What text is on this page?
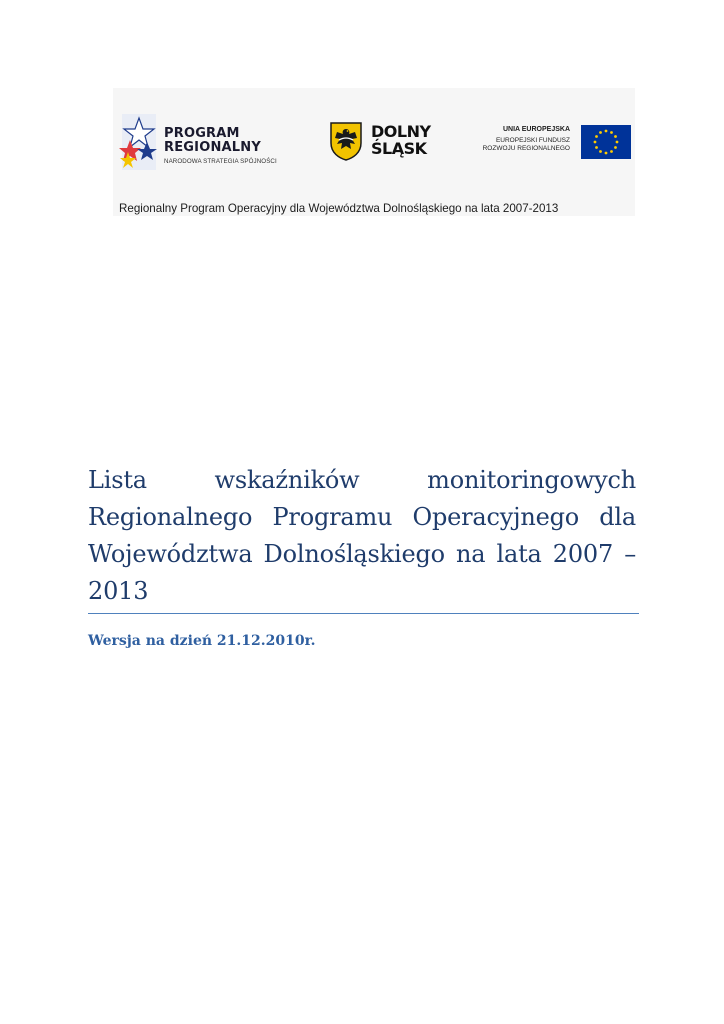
PROGRAM
REGIONALNY
NARODOWA STRATEGIA SPÓJNOŚCI
DOLNY
ŚLĄSK
UNIA EUROPEJSKA
EUROPEJSKI FUNDUSZ
ROZWOJU REGIONALNEGO
Regionalny Program Operacyjny dla Województwa Dolnośląskiego na lata 2007-2013
Lista wskaźników monitoringowych Regionalnego Programu Operacyjnego dla Województwa Dolnośląskiego na lata 2007 – 2013
Wersja na dzień 21.12.2010r.
